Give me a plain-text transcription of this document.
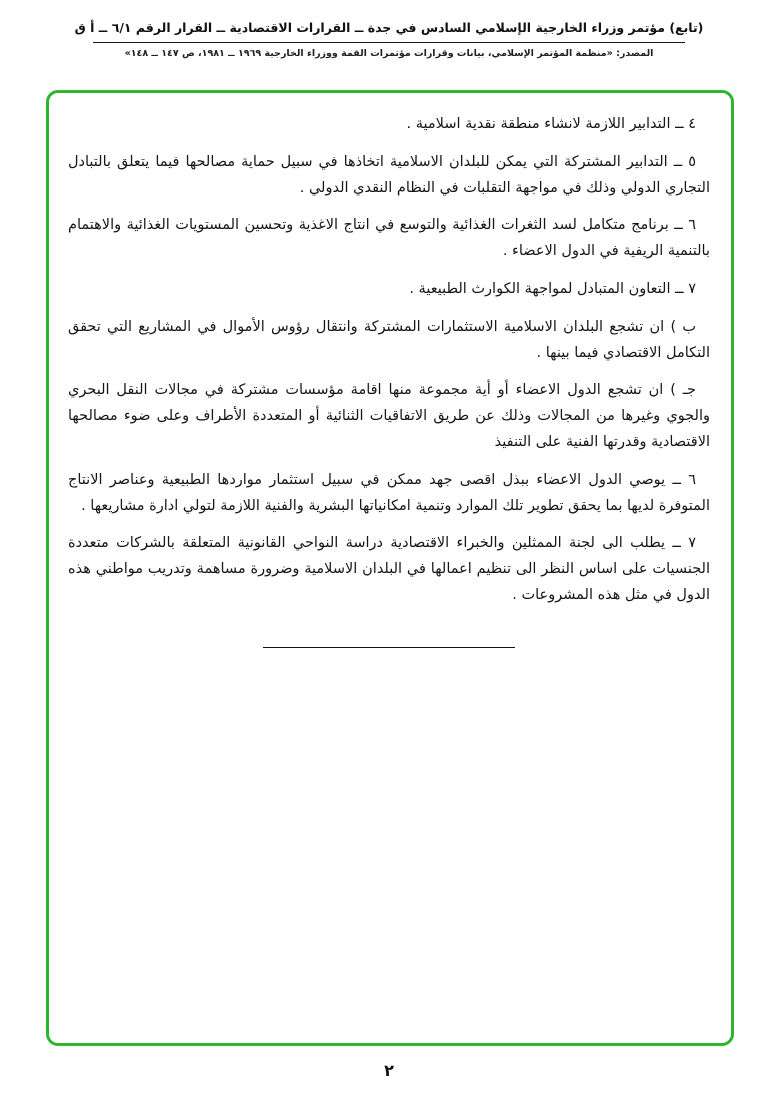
(تابع) مؤتمر وزراء الخارجية الإسلامي السادس في جدة ــ القرارات الاقتصادية ــ القرار الرقم ٦/١ ــ أ ق
المصدر: «منظمة المؤتمر الإسلامي، بيانات وقرارات مؤتمرات القمة ووزراء الخارجية ١٩٦٩ ــ ١٩٨١، ص ١٤٧ ــ ١٤٨»

٤ ــ التدابير اللازمة لانشاء منطقة نقدية اسلامية .

٥ ــ التدابير المشتركة التي يمكن للبلدان الاسلامية اتخاذها في سبيل حماية مصالحها فيما يتعلق بالتبادل التجاري الدولي وذلك في مواجهة التقلبات في النظام النقدي الدولي .

٦ ــ برنامج متكامل لسد الثغرات الغذائية والتوسع في انتاج الاغذية وتحسين المستويات الغذائية والاهتمام بالتنمية الريفية في الدول الاعضاء .

٧ ــ التعاون المتبادل لمواجهة الكوارث الطبيعية .

ب ) ان تشجع البلدان الاسلامية الاستثمارات المشتركة وانتقال رؤوس الأموال في المشاريع التي تحقق التكامل الاقتصادي فيما بينها .

جـ ) ان تشجع الدول الاعضاء أو أية مجموعة منها اقامة مؤسسات مشتركة في مجالات النقل البحري والجوي وغيرها من المجالات وذلك عن طريق الاتفاقيات الثنائية أو المتعددة الأطراف وعلى ضوء مصالحها الاقتصادية وقدرتها الفنية على التنفيذ

٦ ــ يوصي الدول الاعضاء ببذل اقصى جهد ممكن في سبيل استثمار مواردها الطبيعية وعناصر الانتاج المتوفرة لديها بما يحقق تطوير تلك الموارد وتنمية امكانياتها البشرية والفنية اللازمة لتولي ادارة مشاريعها .

٧ ــ يطلب الى لجنة الممثلين والخبراء الاقتصادية دراسة النواحي القانونية المتعلقة بالشركات متعددة الجنسيات على اساس النظر الى تنظيم اعمالها في البلدان الاسلامية وضرورة مساهمة وتدريب مواطني هذه الدول في مثل هذه المشروعات .

٢
